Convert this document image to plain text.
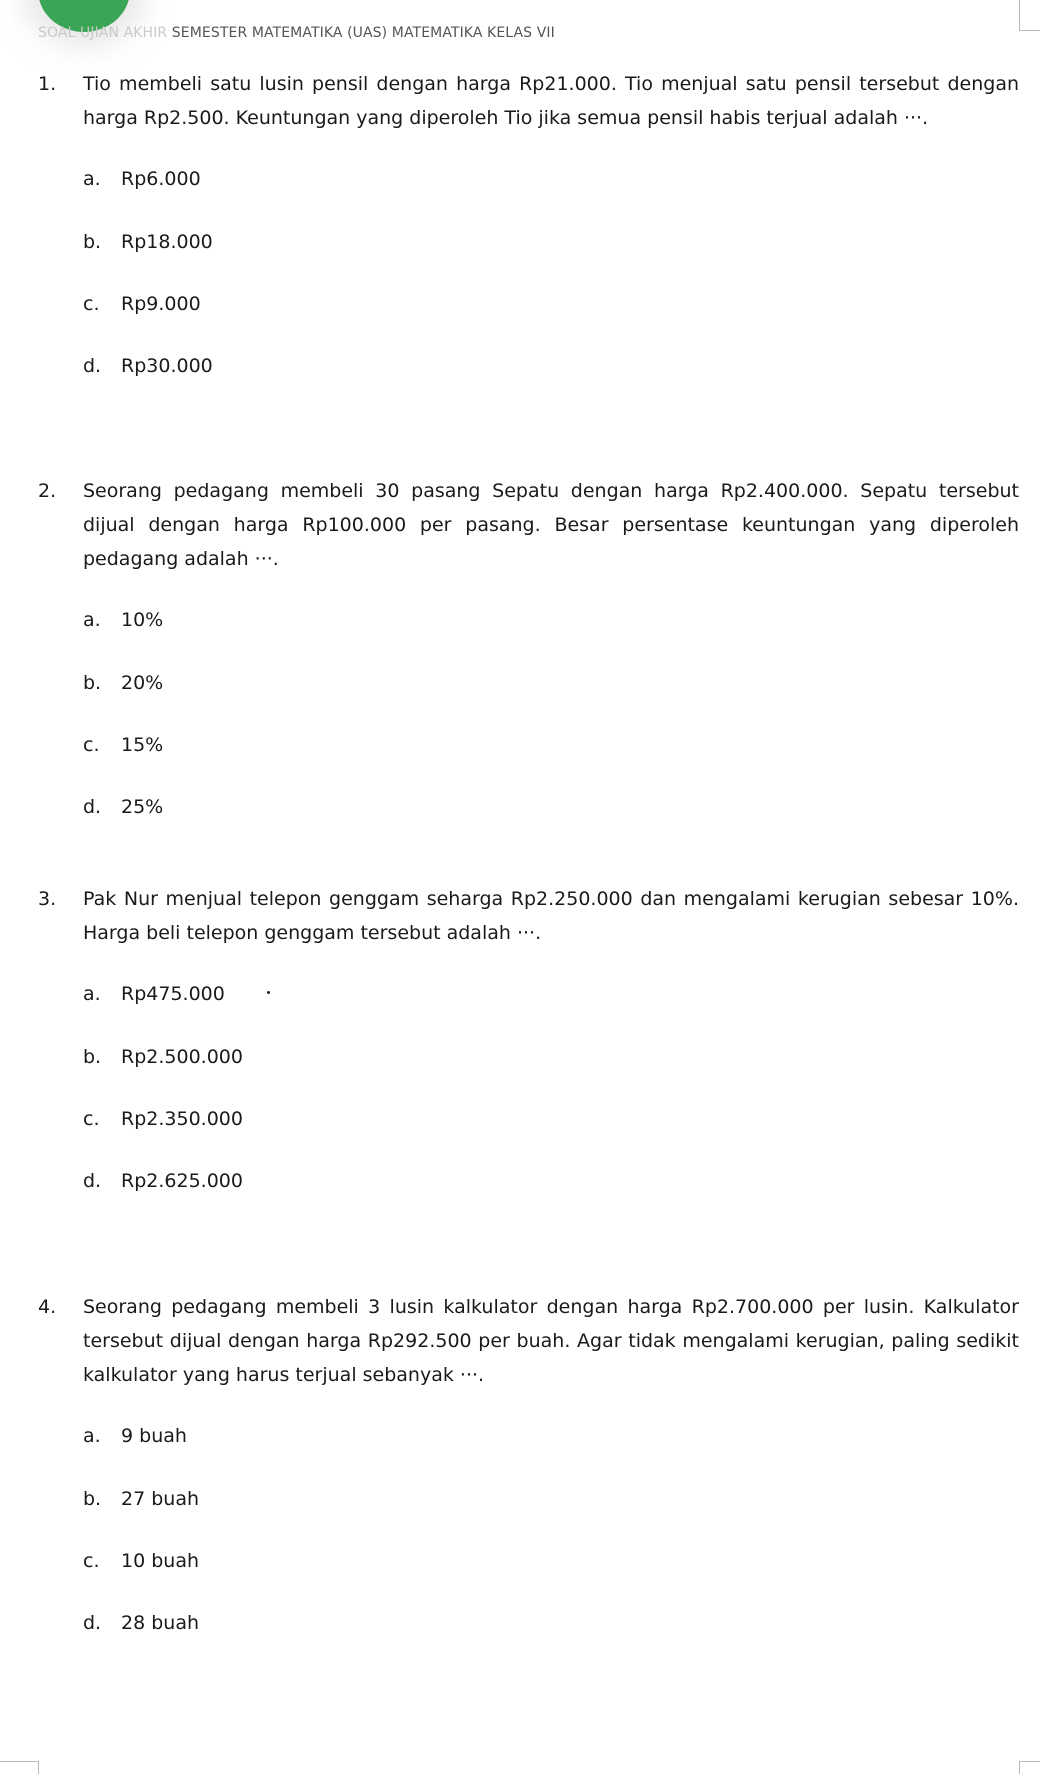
SOAL UJIAN AKHIR SEMESTER MATEMATIKA (UAS) MATEMATIKA KELAS VII
1. Tio membeli satu lusin pensil dengan harga Rp21.000. Tio menjual satu pensil tersebut dengan harga Rp2.500. Keuntungan yang diperoleh Tio jika semua pensil habis terjual adalah ···.
a. Rp6.000
b. Rp18.000
c. Rp9.000
d. Rp30.000
2. Seorang pedagang membeli 30 pasang Sepatu dengan harga Rp2.400.000. Sepatu tersebut dijual dengan harga Rp100.000 per pasang. Besar persentase keuntungan yang diperoleh pedagang adalah ···.
a. 10%
b. 20%
c. 15%
d. 25%
3. Pak Nur menjual telepon genggam seharga Rp2.250.000 dan mengalami kerugian sebesar 10%. Harga beli telepon genggam tersebut adalah ···.
a. Rp475.000
b. Rp2.500.000
c. Rp2.350.000
d. Rp2.625.000
4. Seorang pedagang membeli 3 lusin kalkulator dengan harga Rp2.700.000 per lusin. Kalkulator tersebut dijual dengan harga Rp292.500 per buah. Agar tidak mengalami kerugian, paling sedikit kalkulator yang harus terjual sebanyak ···.
a. 9 buah
b. 27 buah
c. 10 buah
d. 28 buah
